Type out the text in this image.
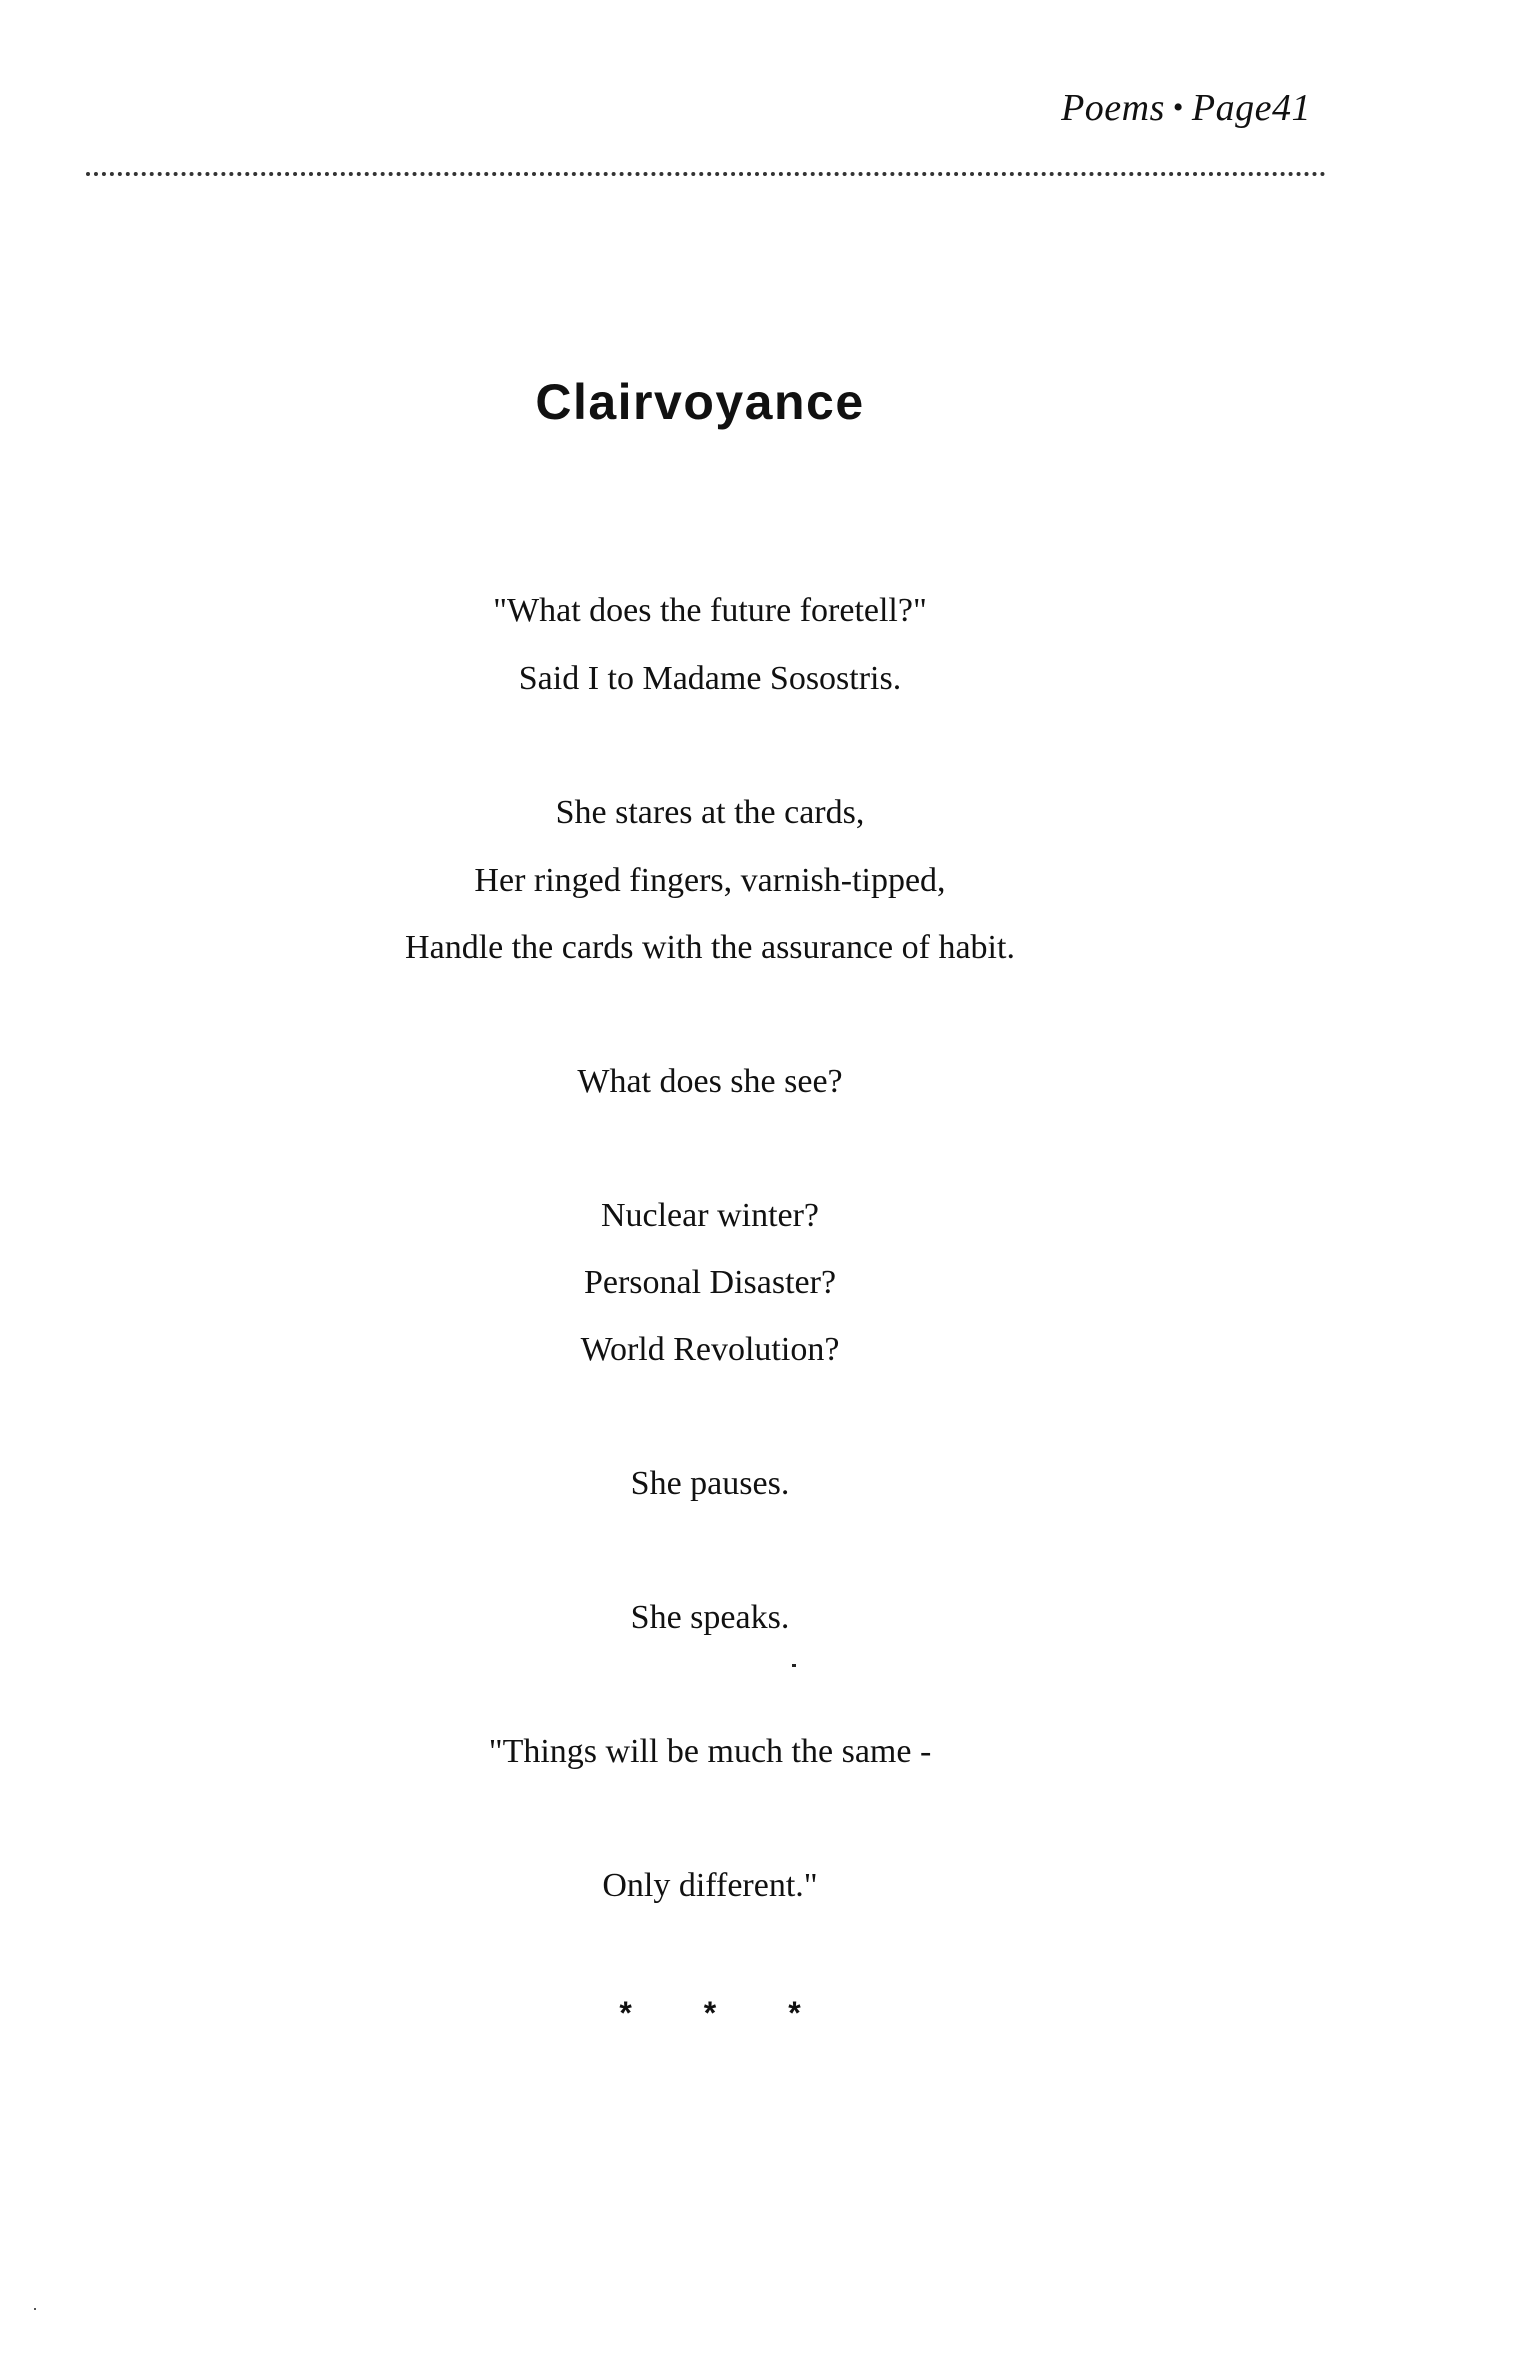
Poems • Page41
Clairvoyance
"What does the future foretell?"
Said I to Madame Sosostris.
She stares at the cards,
Her ringed fingers, varnish-tipped,
Handle the cards with the assurance of habit.
What does she see?
Nuclear winter?
Personal Disaster?
World Revolution?
She pauses.
She speaks.
"Things will be much the same -
Only different."
* * *
